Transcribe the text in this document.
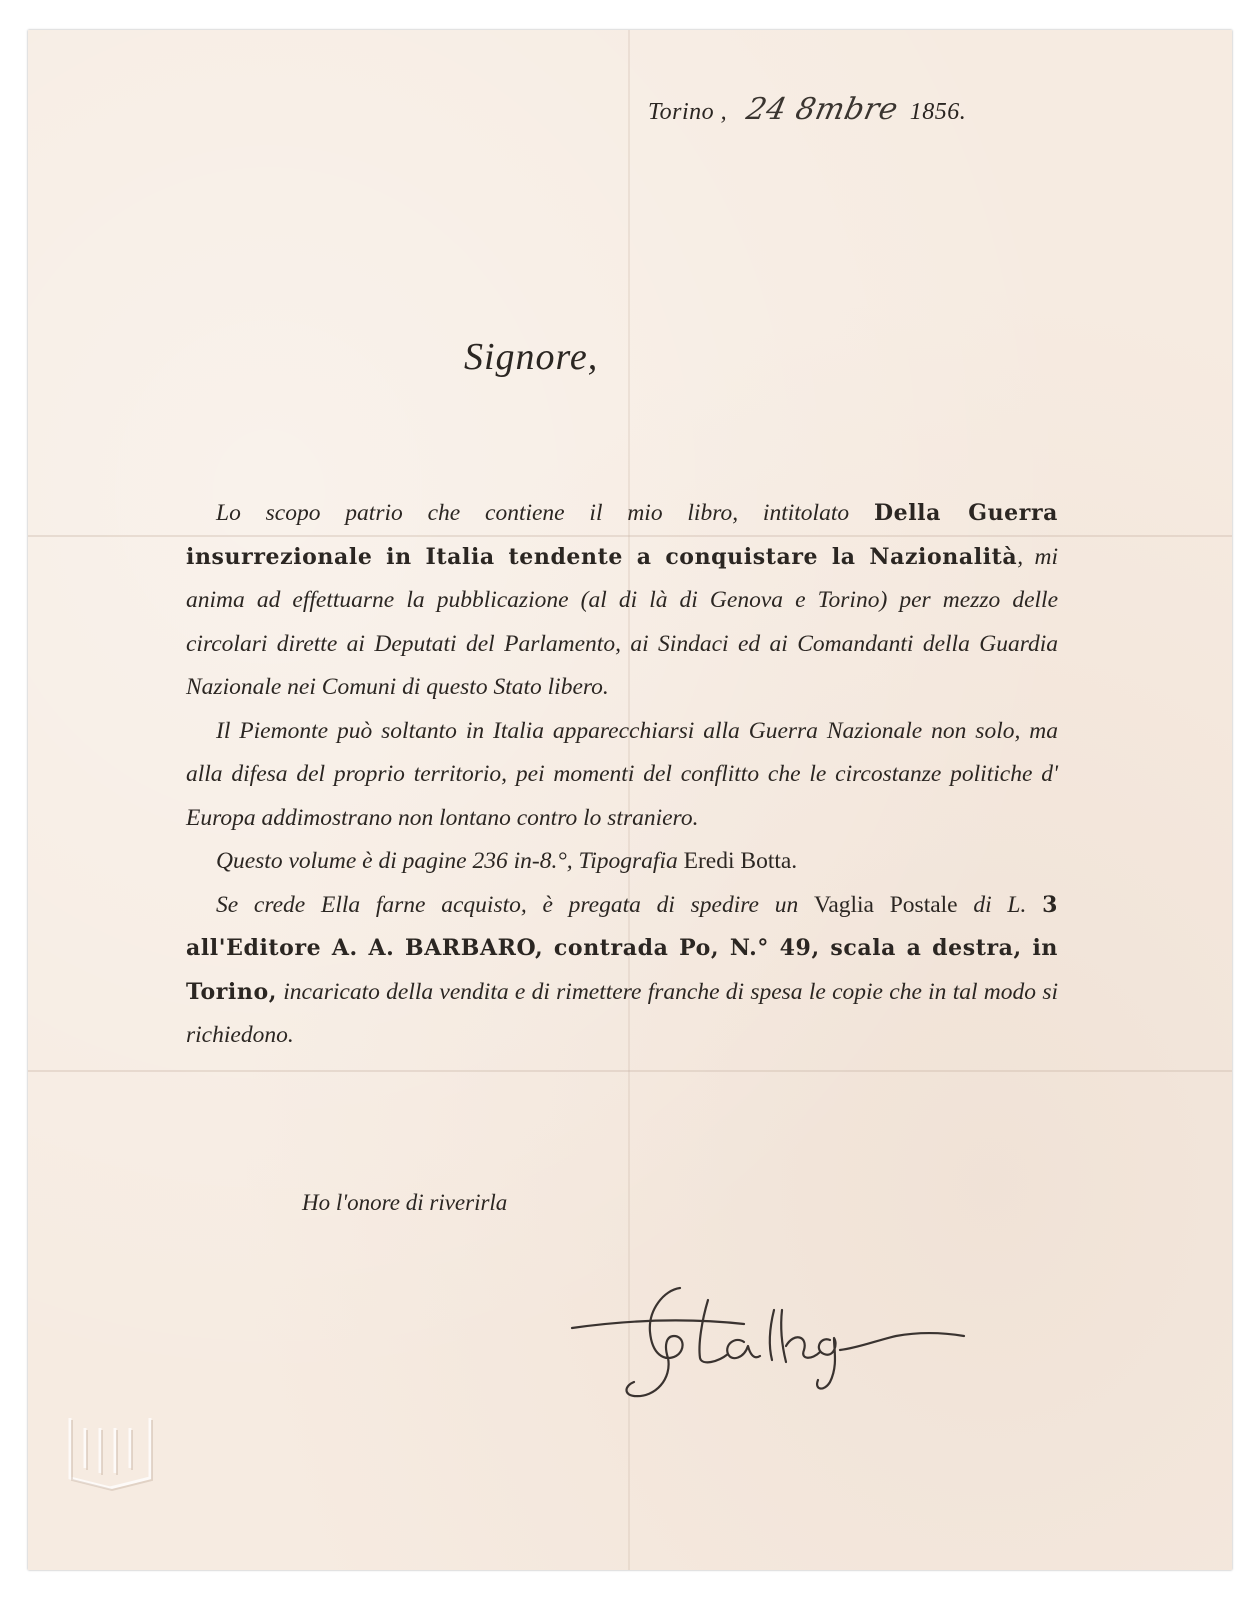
Torino , 24 8mbre 1856.
Signore,

Lo scopo patrio che contiene il mio libro, intitolato Della Guerra insurrezionale in Italia tendente a conquistare la Nazionalità, mi anima ad effettuarne la pubblicazione (al di là di Genova e Torino) per mezzo delle circolari dirette ai Deputati del Parlamento, ai Sindaci ed ai Comandanti della Guardia Nazionale nei Comuni di questo Stato libero.

Il Piemonte può soltanto in Italia apparecchiarsi alla Guerra Nazionale non solo, ma alla difesa del proprio territorio, pei momenti del conflitto che le circostanze politiche d' Europa addimostrano non lontano contro lo straniero.

Questo volume è di pagine 236 in-8.°, Tipografia Eredi Botta.

Se crede Ella farne acquisto, è pregata di spedire un Vaglia Postale di L. 3 all'Editore A. A. BARBARO, contrada Po, N.° 49, scala a destra, in Torino, incaricato della vendita e di rimettere franche di spesa le copie che in tal modo si richiedono.

Ho l'onore di riverirla
